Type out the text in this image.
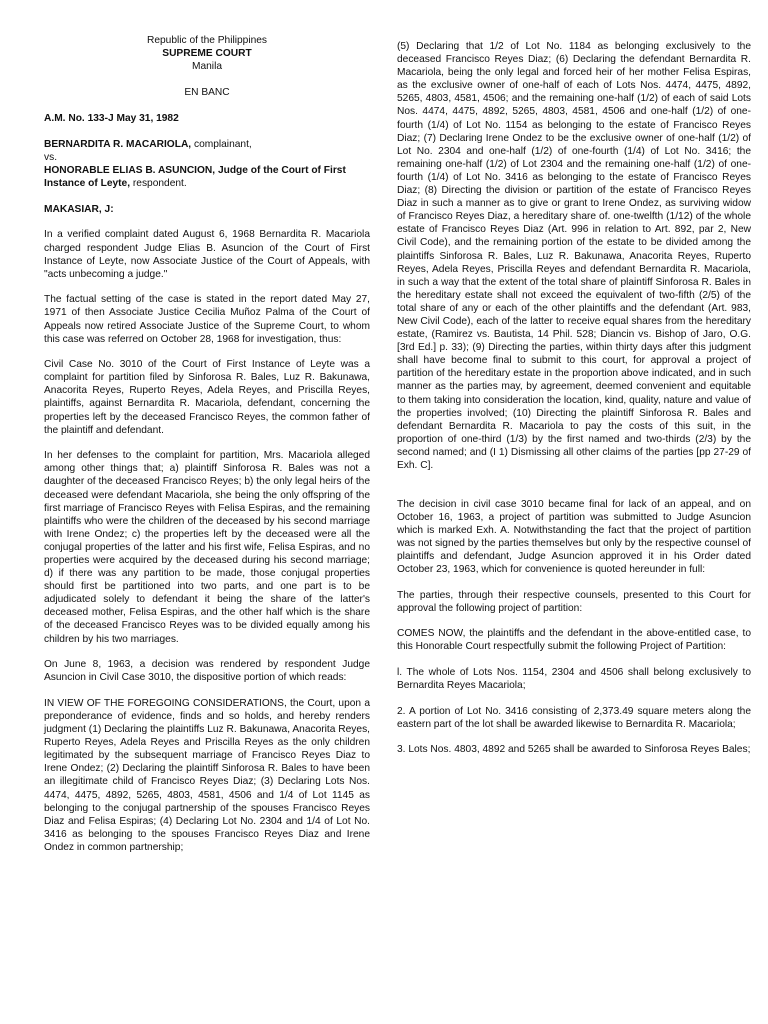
Republic of the Philippines

SUPREME COURT

Manila

EN BANC

A.M. No. 133-J May 31, 1982

BERNARDITA R. MACARIOLA, complainant,

vs.

HONORABLE ELIAS B. ASUNCION, Judge of the Court of First Instance of Leyte, respondent.

MAKASIAR, J:

In a verified complaint dated August 6, 1968 Bernardita R. Macariola charged respondent Judge Elias B. Asuncion of the Court of First Instance of Leyte, now Associate Justice of the Court of Appeals, with "acts unbecoming a judge."

The factual setting of the case is stated in the report dated May 27, 1971 of then Associate Justice Cecilia Muñoz Palma of the Court of Appeals now retired Associate Justice of the Supreme Court, to whom this case was referred on October 28, 1968 for investigation, thus:

Civil Case No. 3010 of the Court of First Instance of Leyte was a complaint for partition filed by Sinforosa R. Bales, Luz R. Bakunawa, Anacorita Reyes, Ruperto Reyes, Adela Reyes, and Priscilla Reyes, plaintiffs, against Bernardita R. Macariola, defendant, concerning the properties left by the deceased Francisco Reyes, the common father of the plaintiff and defendant.

In her defenses to the complaint for partition, Mrs. Macariola alleged among other things that; a) plaintiff Sinforosa R. Bales was not a daughter of the deceased Francisco Reyes; b) the only legal heirs of the deceased were defendant Macariola, she being the only offspring of the first marriage of Francisco Reyes with Felisa Espiras, and the remaining plaintiffs who were the children of the deceased by his second marriage with Irene Ondez; c) the properties left by the deceased were all the conjugal properties of the latter and his first wife, Felisa Espiras, and no properties were acquired by the deceased during his second marriage; d) if there was any partition to be made, those conjugal properties should first be partitioned into two parts, and one part is to be adjudicated solely to defendant it being the share of the latter's deceased mother, Felisa Espiras, and the other half which is the share of the deceased Francisco Reyes was to be divided equally among his children by his two marriages.

On June 8, 1963, a decision was rendered by respondent Judge Asuncion in Civil Case 3010, the dispositive portion of which reads:

IN VIEW OF THE FOREGOING CONSIDERATIONS, the Court, upon a preponderance of evidence, finds and so holds, and hereby renders judgment (1) Declaring the plaintiffs Luz R. Bakunawa, Anacorita Reyes, Ruperto Reyes, Adela Reyes and Priscilla Reyes as the only children legitimated by the subsequent marriage of Francisco Reyes Diaz to Irene Ondez; (2) Declaring the plaintiff Sinforosa R. Bales to have been an illegitimate child of Francisco Reyes Diaz; (3) Declaring Lots Nos. 4474, 4475, 4892, 5265, 4803, 4581, 4506 and 1/4 of Lot 1145 as belonging to the conjugal partnership of the spouses Francisco Reyes Diaz and Felisa Espiras; (4) Declaring Lot No. 2304 and 1/4 of Lot No. 3416 as belonging to the spouses Francisco Reyes Diaz and Irene Ondez in common partnership;

(5) Declaring that 1/2 of Lot No. 1184 as belonging exclusively to the deceased Francisco Reyes Diaz; (6) Declaring the defendant Bernardita R. Macariola, being the only legal and forced heir of her mother Felisa Espiras, as the exclusive owner of one-half of each of Lots Nos. 4474, 4475, 4892, 5265, 4803, 4581, 4506; and the remaining one-half (1/2) of each of said Lots Nos. 4474, 4475, 4892, 5265, 4803, 4581, 4506 and one-half (1/2) of one-fourth (1/4) of Lot No. 1154 as belonging to the estate of Francisco Reyes Diaz; (7) Declaring Irene Ondez to be the exclusive owner of one-half (1/2) of Lot No. 2304 and one-half (1/2) of one-fourth (1/4) of Lot No. 3416; the remaining one-half (1/2) of Lot 2304 and the remaining one-half (1/2) of one-fourth (1/4) of Lot No. 3416 as belonging to the estate of Francisco Reyes Diaz; (8) Directing the division or partition of the estate of Francisco Reyes Diaz in such a manner as to give or grant to Irene Ondez, as surviving widow of Francisco Reyes Diaz, a hereditary share of. one-twelfth (1/12) of the whole estate of Francisco Reyes Diaz (Art. 996 in relation to Art. 892, par 2, New Civil Code), and the remaining portion of the estate to be divided among the plaintiffs Sinforosa R. Bales, Luz R. Bakunawa, Anacorita Reyes, Ruperto Reyes, Adela Reyes, Priscilla Reyes and defendant Bernardita R. Macariola, in such a way that the extent of the total share of plaintiff Sinforosa R. Bales in the hereditary estate shall not exceed the equivalent of two-fifth (2/5) of the total share of any or each of the other plaintiffs and the defendant (Art. 983, New Civil Code), each of the latter to receive equal shares from the hereditary estate, (Ramirez vs. Bautista, 14 Phil. 528; Diancin vs. Bishop of Jaro, O.G. [3rd Ed.] p. 33); (9) Directing the parties, within thirty days after this judgment shall have become final to submit to this court, for approval a project of partition of the hereditary estate in the proportion above indicated, and in such manner as the parties may, by agreement, deemed convenient and equitable to them taking into consideration the location, kind, quality, nature and value of the properties involved; (10) Directing the plaintiff Sinforosa R. Bales and defendant Bernardita R. Macariola to pay the costs of this suit, in the proportion of one-third (1/3) by the first named and two-thirds (2/3) by the second named; and (I 1) Dismissing all other claims of the parties [pp 27-29 of Exh. C].

The decision in civil case 3010 became final for lack of an appeal, and on October 16, 1963, a project of partition was submitted to Judge Asuncion which is marked Exh. A. Notwithstanding the fact that the project of partition was not signed by the parties themselves but only by the respective counsel of plaintiffs and defendant, Judge Asuncion approved it in his Order dated October 23, 1963, which for convenience is quoted hereunder in full:

The parties, through their respective counsels, presented to this Court for approval the following project of partition:

COMES NOW, the plaintiffs and the defendant in the above-entitled case, to this Honorable Court respectfully submit the following Project of Partition:

l. The whole of Lots Nos. 1154, 2304 and 4506 shall belong exclusively to Bernardita Reyes Macariola;

2. A portion of Lot No. 3416 consisting of 2,373.49 square meters along the eastern part of the lot shall be awarded likewise to Bernardita R. Macariola;

3. Lots Nos. 4803, 4892 and 5265 shall be awarded to Sinforosa Reyes Bales;
